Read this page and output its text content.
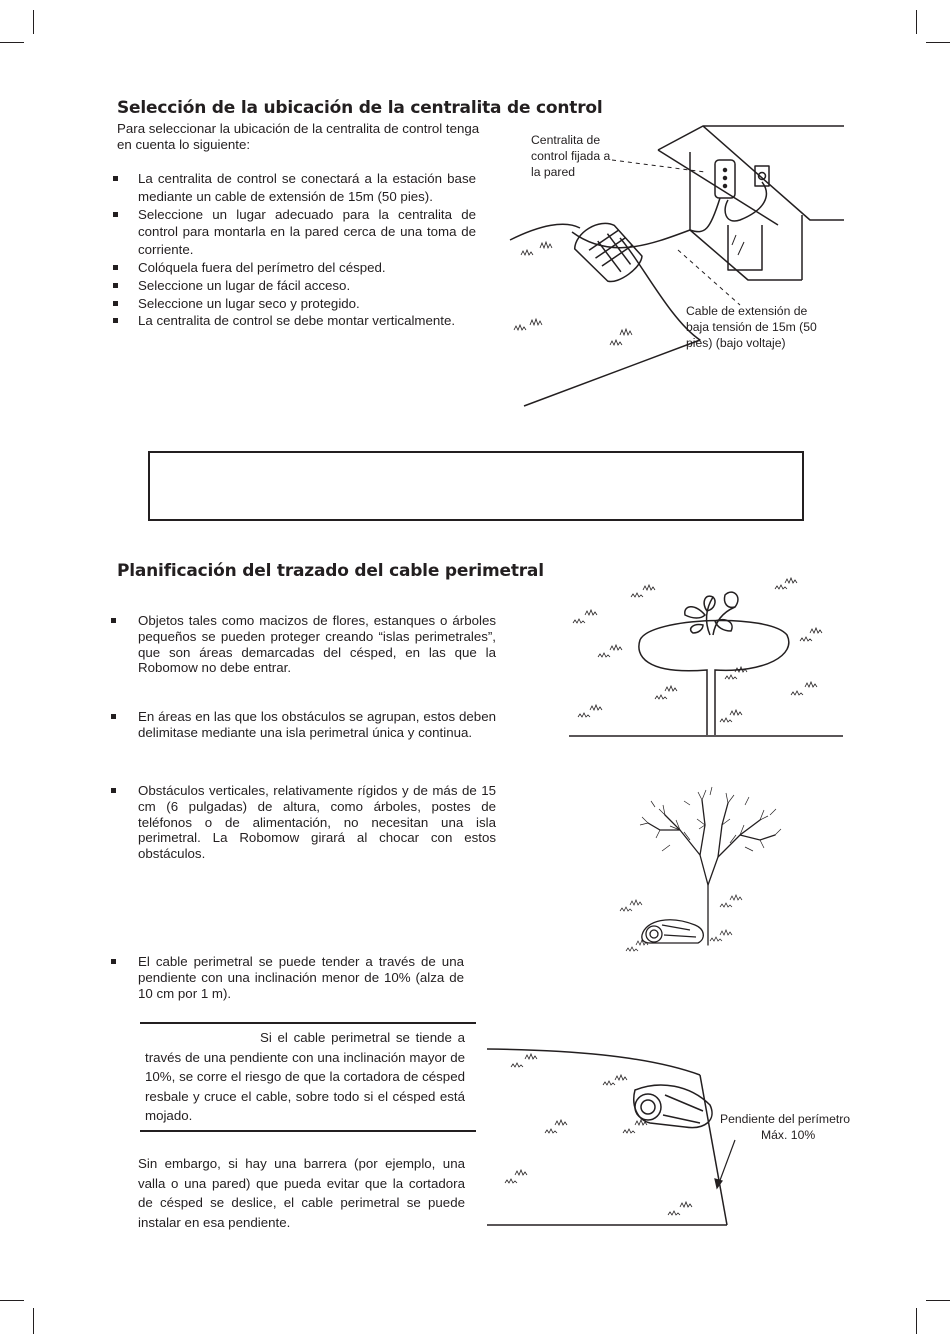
Selección de la ubicación de la centralita de control
Para seleccionar la ubicación de la centralita de control tenga en cuenta lo siguiente:
La centralita de control se conectará a la estación base mediante un cable de extensión de 15m (50 pies).
Seleccione un lugar adecuado para la centralita de control para montarla en la pared cerca de una toma de corriente.
Colóquela fuera del perímetro del césped.
Seleccione un lugar de fácil acceso.
Seleccione un lugar seco y protegido.
La centralita de control se debe montar verticalmente.
Centralita de control fijada a la pared
Cable de extensión de baja tensión de 15m (50 pies) (bajo voltaje)
Planificación del trazado del cable perimetral
Objetos tales como macizos de flores, estanques o árboles pequeños se pueden proteger creando “islas perimetrales”, que son áreas demarcadas del césped, en las que la Robomow no debe entrar.
En áreas en las que los obstáculos se agrupan, estos deben delimitase mediante una isla perimetral única y continua.
Obstáculos verticales, relativamente rígidos y de más de 15 cm (6 pulgadas) de altura, como árboles, postes de teléfonos o de alimentación, no necesitan una isla perimetral. La Robomow girará al chocar con estos obstáculos.
El cable perimetral se puede tender a través de una pendiente con una inclinación menor de 10% (alza de 10 cm por 1 m).
Si el cable perimetral se tiende a través de una pendiente con una inclinación mayor de 10%, se corre el riesgo de que la cortadora de césped resbale y cruce el cable, sobre todo si el césped está mojado.
Sin embargo, si hay una barrera (por ejemplo, una valla o una pared) que pueda evitar que la cortadora de césped se deslice, el cable perimetral se puede instalar en esa pendiente.
Pendiente del perímetro
Máx. 10%
